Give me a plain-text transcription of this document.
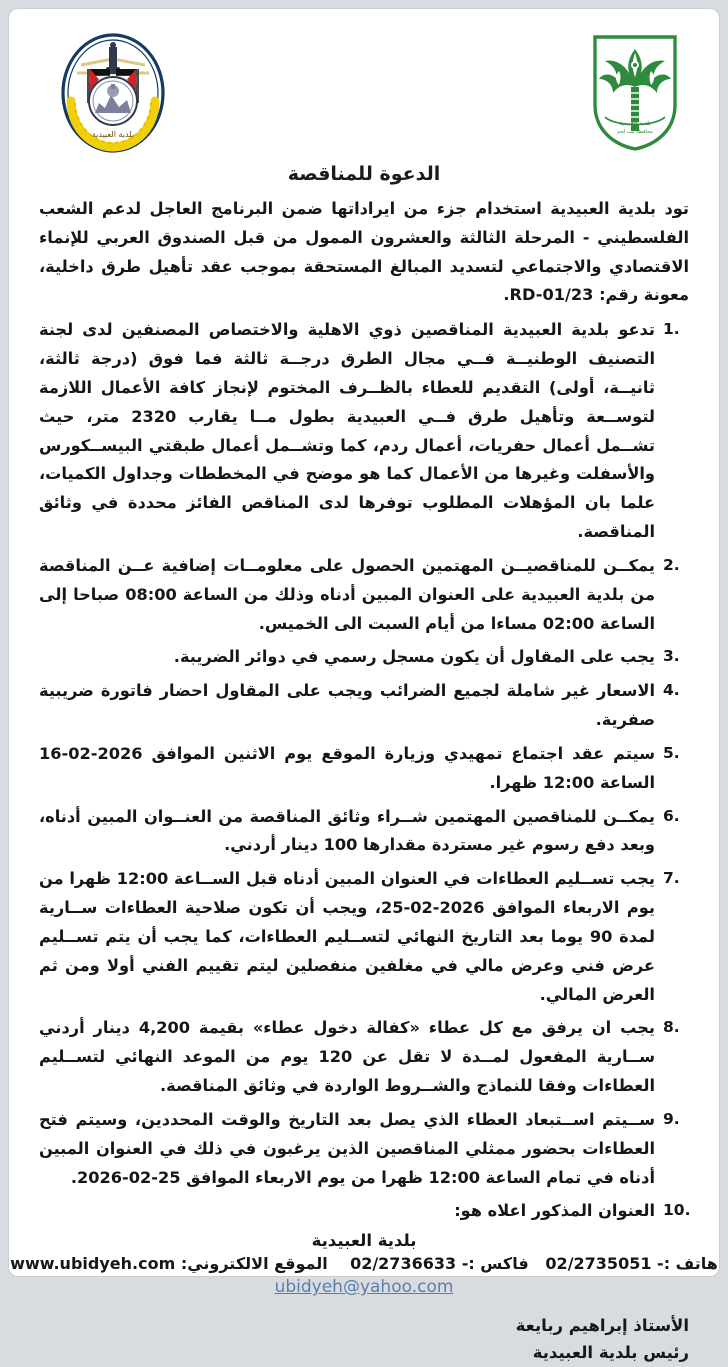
بلدية العبيدية
بلدية العبيدية
محافظة بيت لحم
الدعوة للمناقصة

تود بلدية العبيدية استخدام جزء من ايراداتها ضمن البرنامج العاجل لدعم الشعب الفلسطيني - المرحلة الثالثة والعشرون الممول من قبل الصندوق العربي للإنماء الاقتصادي والاجتماعي لتسديد المبالغ المستحقة بموجب عقد تأهيل طرق داخلية، معونة رقم: 23/RD-01.

تدعو بلدية العبيدية المناقصين ذوي الاهلية والاختصاص المصنفين لدى لجنة التصنيف الوطنيــة فــي مجال الطرق درجــة ثالثة فما فوق (درجة ثالثة، ثانيــة، أولى) التقديم للعطاء بالظــرف المختوم لإنجاز كافة الأعمال اللازمة لتوســعة وتأهيل طرق فــي العبيدية بطول مــا يقارب 2320 متر، حيث تشــمل أعمال حفريات، أعمال ردم، كما وتشــمل أعمال طبقتي البيســكورس والأسفلت وغيرها من الأعمال كما هو موضح في المخططات وجداول الكميات، علما بان المؤهلات المطلوب توفرها لدى المناقص الفائز محددة في وثائق المناقصة.
يمكــن للمناقصيــن المهتمين الحصول على معلومــات إضافية عــن المناقصة من بلدية العبيدية على العنوان المبين أدناه وذلك من الساعة 08:00 صباحا إلى الساعة 02:00 مساءا من أيام السبت الى الخميس.
يجب على المقاول أن يكون مسجل رسمي في دوائر الضريبة.
الاسعار غير شاملة لجميع الضرائب ويجب على المقاول احضار فاتورة ضريبية صفرية.
سيتم عقد اجتماع تمهيدي وزيارة الموقع يوم الاثنين الموافق 2026-02-16 الساعة 12:00 ظهرا.
يمكــن للمناقصين المهتمين شــراء وثائق المناقصة من العنــوان المبين أدناه، وبعد دفع رسوم غير مستردة مقدارها 100 دينار أردني.
يجب تســليم العطاءات في العنوان المبين أدناه قبل الســاعة 12:00 ظهرا من يوم الاربعاء الموافق 2026-02-25، ويجب أن تكون صلاحية العطاءات ســارية لمدة 90 يوما بعد التاريخ النهائي لتســليم العطاءات، كما يجب أن يتم تســليم عرض فني وعرض مالي في مغلفين منفصلين ليتم تقييم الفني أولا ومن ثم العرض المالي.
يجب ان يرفق مع كل عطاء «كفالة دخول عطاء» بقيمة 4,200 دينار أردني ســارية المفعول لمــدة لا تقل عن 120 يوم من الموعد النهائي لتســليم العطاءات وفقا للنماذج والشــروط الواردة في وثائق المناقصة.
ســيتم اســتبعاد العطاء الذي يصل بعد التاريخ والوقت المحددين، وسيتم فتح العطاءات بحضور ممثلي المناقصين الذين يرغبون في ذلك في العنوان المبين أدناه في تمام الساعة 12:00 ظهرا من يوم الاربعاء الموافق 25-02-2026.
العنوان المذكور اعلاه هو:
بلدية العبيدية
هاتف :- 02/2735051   فاكس :- 02/2736633    الموقع الالكتروني: www.ubidyeh.com
ubidyeh@yahoo.com
الأستاذ إبراهيم ربايعة
رئيس بلدية العبيدية
